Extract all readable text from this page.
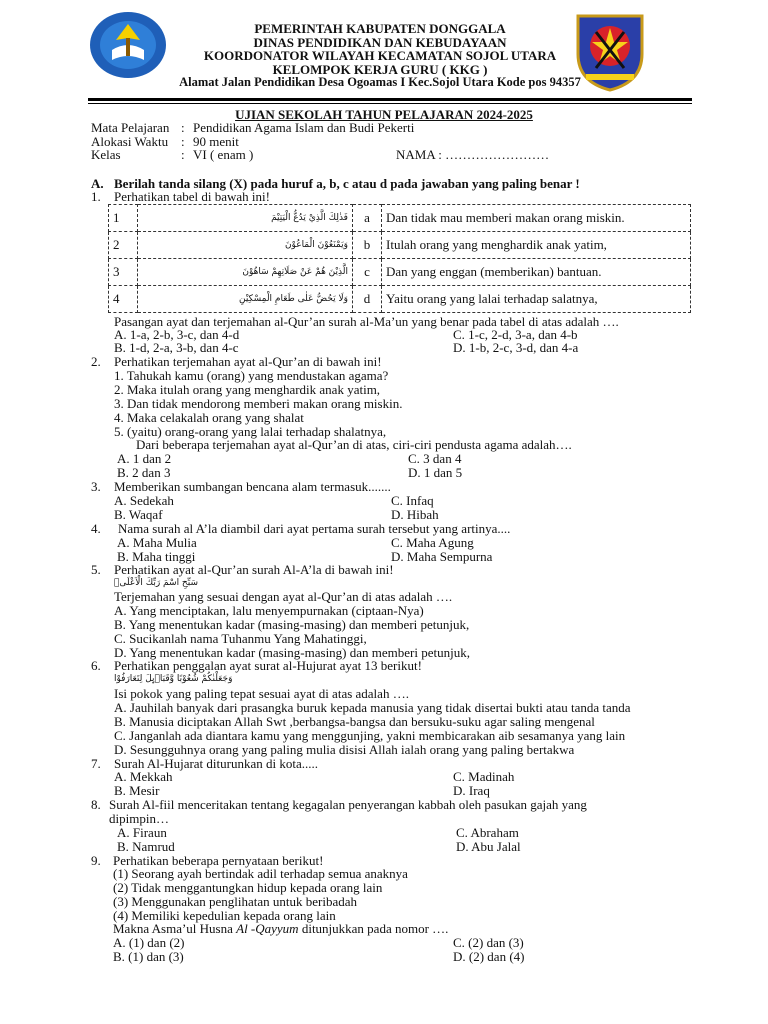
PEMERINTAH KABUPATEN DONGGALA
DINAS PENDIDIKAN DAN KEBUDAYAAN
KOORDONATOR WILAYAH KECAMATAN SOJOL UTARA
KELOMPOK KERJA GURU ( KKG )
Alamat Jalan Pendidikan Desa Ogoamas I Kec.Sojol Utara Kode pos 94357
UJIAN SEKOLAH TAHUN PELAJARAN 2024-2025
Mata Pelajaran : Pendidikan Agama Islam dan Budi Pekerti
Alokasi Waktu : 90 menit
Kelas	: VI ( enam )	NAMA : ……………………
A. Berilah tanda silang (X) pada huruf a, b, c atau d pada jawaban yang paling benar !
1. Perhatikan tabel di bawah ini!
1	فَذٰلِكَ الَّذِيْ يَدُعُّ الْيَتِيْمَ	a	Dan tidak mau memberi makan orang miskin.
2	وَيَمْنَعُوْنَ الْمَاعُوْنَ	b	Itulah orang yang menghardik anak yatim,
3	الَّذِيْنَ هُمْ عَنْ صَلَاتِهِمْ سَاهُوْنَ	c	Dan yang enggan (memberikan) bantuan.
4	وَلَا يَحُضُّ عَلٰى طَعَامِ الْمِسْكِيْنِ	d	Yaitu orang yang lalai terhadap salatnya,
Pasangan ayat dan terjemahan al-Qur’an surah al-Ma’un yang benar pada tabel di atas adalah ….
A. 1-a, 2-b, 3-c, dan 4-d	C. 1-c, 2-d, 3-a, dan 4-b
B. 1-d, 2-a, 3-b, dan 4-c	D. 1-b, 2-c, 3-d, dan 4-a
2. Perhatikan terjemahan ayat al-Qur’an di bawah ini!
1. Tahukah kamu (orang) yang mendustakan agama?
2. Maka itulah orang yang menghardik anak yatim,
3. Dan tidak mendorong memberi makan orang miskin.
4. Maka celakalah orang yang shalat
5. (yaitu) orang-orang yang lalai terhadap shalatnya,
Dari beberapa terjemahan ayat al-Qur’an di atas, ciri-ciri pendusta agama adalah….
A. 1 dan 2	C. 3 dan 4
B. 2 dan 3	D. 1 dan 5
3. Memberikan sumbangan bencana alam termasuk.......
A. Sedekah	C. Infaq
B. Waqaf	D. Hibah
4. Nama surah al A’la diambil dari ayat pertama surah tersebut yang artinya....
A. Maha Mulia	C. Maha Agung
B. Maha tinggi	D. Maha Sempurna
5. Perhatikan ayat al-Qur’an surah Al-A’la di bawah ini!
سَبِّحِ اسْمَ رَبِّكَ الْاَعْلَىۙ
Terjemahan yang sesuai dengan ayat al-Qur’an di atas adalah ….
A. Yang menciptakan, lalu menyempurnakan (ciptaan-Nya)
B. Yang menentukan kadar (masing-masing) dan memberi petunjuk,
C. Sucikanlah nama Tuhanmu Yang Mahatinggi,
D. Yang menentukan kadar (masing-masing) dan memberi petunjuk,
6. Perhatikan penggalan ayat surat al-Hujurat ayat 13 berikut!
وَجَعَلْنٰكُمْ شُعُوْبًا وَّقَبَاۤىِٕلَ لِتَعَارَفُوْا
Isi pokok yang paling tepat sesuai ayat di atas adalah ….
A. Jauhilah banyak dari prasangka buruk kepada manusia yang tidak disertai bukti atau tanda tanda
B. Manusia diciptakan Allah Swt ,berbangsa-bangsa dan bersuku-suku agar saling mengenal
C. Janganlah ada diantara kamu yang menggunjing, yakni membicarakan aib sesamanya yang lain
D. Sesungguhnya orang yang paling mulia disisi Allah ialah orang yang paling bertakwa
7. Surah Al-Hujarat diturunkan di kota.....
A. Mekkah	C. Madinah
B. Mesir	D. Iraq
8. Surah Al-fiil menceritakan tentang kegagalan penyerangan kabbah oleh pasukan gajah yang
dipimpin…
A. Firaun	C. Abraham
B. Namrud	D. Abu Jalal
9. Perhatikan beberapa pernyataan berikut!
(1) Seorang ayah bertindak adil terhadap semua anaknya
(2) Tidak menggantungkan hidup kepada orang lain
(3) Menggunakan penglihatan untuk beribadah
(4) Memiliki kepedulian kepada orang lain
Makna Asma’ul Husna Al -Qayyum ditunjukkan pada nomor ….
A. (1) dan (2)	C. (2) dan (3)
B. (1) dan (3)	D. (2) dan (4)
